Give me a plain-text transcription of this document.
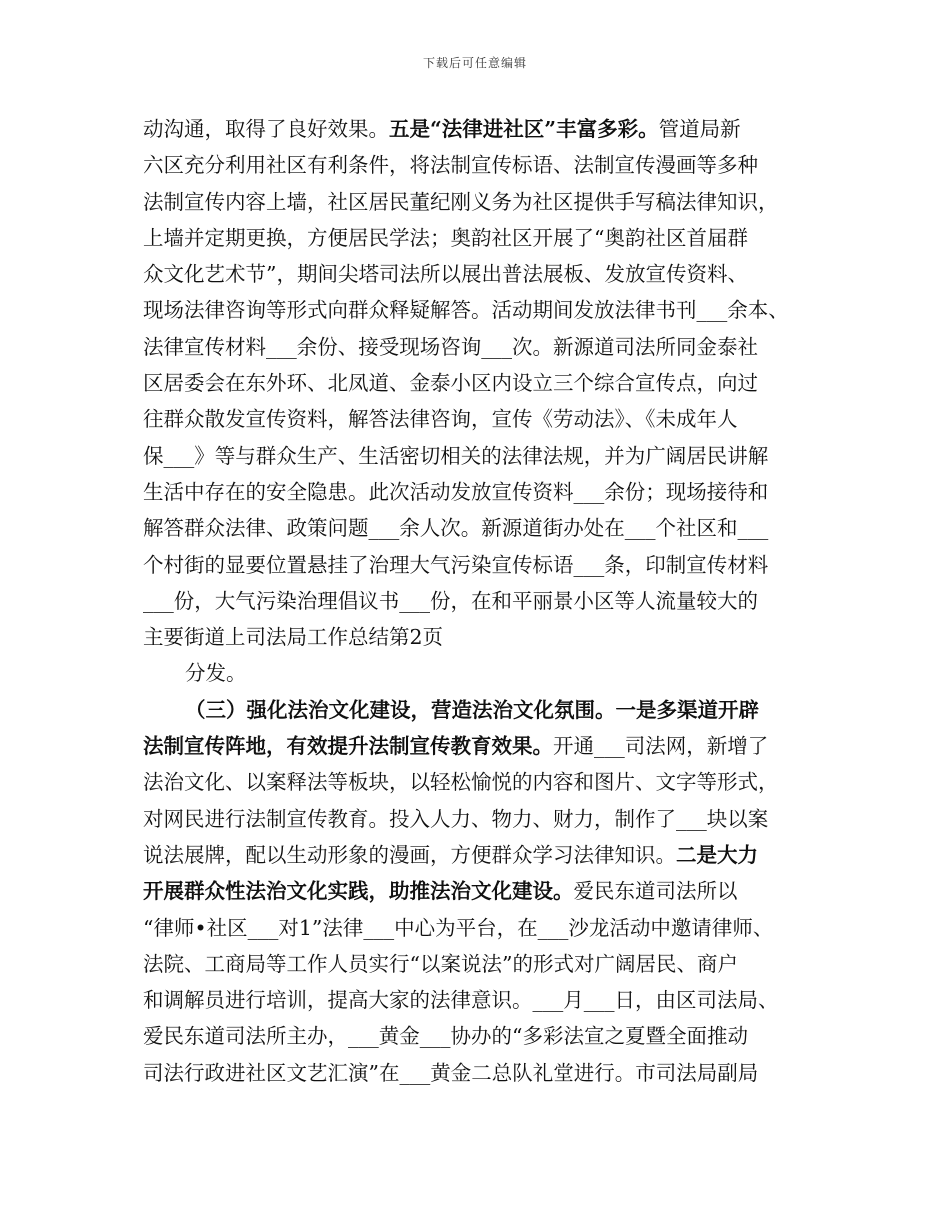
下载后可任意编辑
动沟通，取得了良好效果。五是“法律进社区”丰富多彩。管道局新
六区充分利用社区有利条件，将法制宣传标语、法制宣传漫画等多种
法制宣传内容上墙，社区居民董纪刚义务为社区提供手写稿法律知识，
上墙并定期更换，方便居民学法；奥韵社区开展了“奥韵社区首届群
众文化艺术节”，期间尖塔司法所以展出普法展板、发放宣传资料、
现场法律咨询等形式向群众释疑解答。活动期间发放法律书刊___余本、
法律宣传材料___余份、接受现场咨询___次。新源道司法所同金泰社
区居委会在东外环、北凤道、金泰小区内设立三个综合宣传点，向过
往群众散发宣传资料，解答法律咨询，宣传《劳动法》、《未成年人
保___》等与群众生产、生活密切相关的法律法规，并为广阔居民讲解
生活中存在的安全隐患。此次活动发放宣传资料___余份；现场接待和
解答群众法律、政策问题___余人次。新源道街办处在___个社区和___
个村街的显要位置悬挂了治理大气污染宣传标语___条，印制宣传材料
___份，大气污染治理倡议书___份，在和平丽景小区等人流量较大的
主要街道上司法局工作总结第2页
分发。
（三）强化法治文化建设，营造法治文化氛围。一是多渠道开辟
法制宣传阵地，有效提升法制宣传教育效果。开通___司法网，新增了
法治文化、以案释法等板块，以轻松愉悦的内容和图片、文字等形式，
对网民进行法制宣传教育。投入人力、物力、财力，制作了___块以案
说法展牌，配以生动形象的漫画，方便群众学习法律知识。二是大力
开展群众性法治文化实践，助推法治文化建设。爱民东道司法所以
“律师•社区___对1”法律___中心为平台，在___沙龙活动中邀请律师、
法院、工商局等工作人员实行“以案说法”的形式对广阔居民、商户
和调解员进行培训，提高大家的法律意识。___月___日，由区司法局、
爱民东道司法所主办，___黄金___协办的“多彩法宣之夏暨全面推动
司法行政进社区文艺汇演”在___黄金二总队礼堂进行。市司法局副局
